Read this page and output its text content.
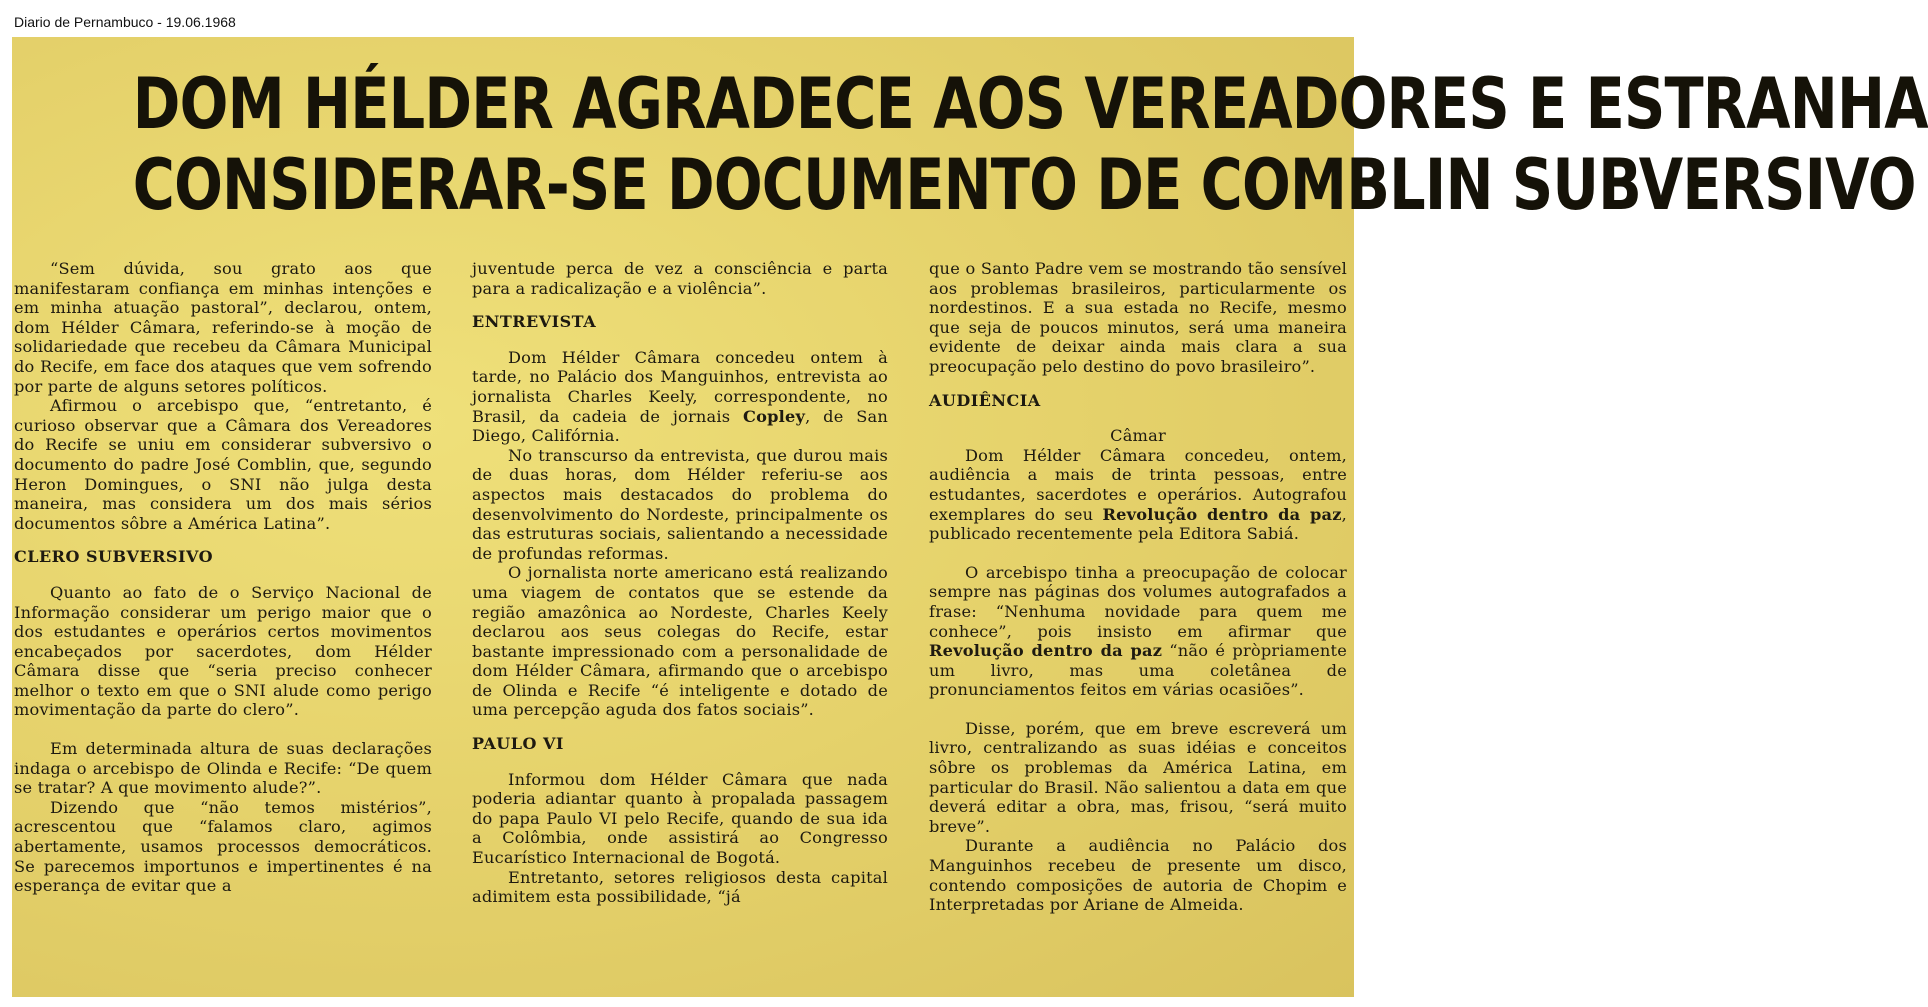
Diario de Pernambuco - 19.06.1968
DOM HÉLDER AGRADECE AOS VEREADORES E ESTRANHA
CONSIDERAR-SE DOCUMENTO DE COMBLIN SUBVERSIVO

“Sem dúvida, sou grato aos que manifestaram confiança em minhas intenções e em minha atuação pastoral”, declarou, ontem, dom Hélder Câmara, referindo-se à moção de solidariedade que recebeu da Câmara Municipal do Recife, em face dos ataques que vem sofrendo por parte de alguns setores políticos.

Afirmou o arcebispo que, “entretanto, é curioso observar que a Câmara dos Vereadores do Recife se uniu em considerar subversivo o documento do padre José Comblin, que, segundo Heron Domingues, o SNI não julga desta maneira, mas considera um dos mais sérios documentos sôbre a América Latina”.

CLERO SUBVERSIVO

Quanto ao fato de o Serviço Nacional de Informação considerar um perigo maior que o dos estudantes e operários certos movimentos encabeçados por sacerdotes, dom Hélder Câmara disse que “seria preciso conhecer melhor o texto em que o SNI alude como perigo movimentação da parte do clero”.

Em determinada altura de suas declarações indaga o arcebispo de Olinda e Recife: “De quem se tratar? A que movimento alude?”.

Dizendo que “não temos mistérios”, acrescentou que “falamos claro, agimos abertamente, usamos processos democráticos. Se parecemos importunos e impertinentes é na esperança de evitar que a

juventude perca de vez a consciência e parta para a radicalização e a violência”.

ENTREVISTA

Dom Hélder Câmara concedeu ontem à tarde, no Palácio dos Manguinhos, entrevista ao jornalista Charles Keely, correspondente, no Brasil, da cadeia de jornais Copley, de San Diego, Califórnia.

No transcurso da entrevista, que durou mais de duas horas, dom Hélder referiu-se aos aspectos mais destacados do problema do desenvolvimento do Nordeste, principalmente os das estruturas sociais, salientando a necessidade de profundas reformas.

O jornalista norte americano está realizando uma viagem de contatos que se estende da região amazônica ao Nordeste, Charles Keely declarou aos seus colegas do Recife, estar bastante impressionado com a personalidade de dom Hélder Câmara, afirmando que o arcebispo de Olinda e Recife “é inteligente e dotado de uma percepção aguda dos fatos sociais”.

PAULO VI

Informou dom Hélder Câmara que nada poderia adiantar quanto à propalada passagem do papa Paulo VI pelo Recife, quando de sua ida a Colômbia, onde assistirá ao Congresso Eucarístico Internacional de Bogotá.

Entretanto, setores religiosos desta capital adimitem esta possibilidade, “já

que o Santo Padre vem se mostrando tão sensível aos problemas brasileiros, particularmente os nordestinos. E a sua estada no Recife, mesmo que seja de poucos minutos, será uma maneira evidente de deixar ainda mais clara a sua preocupação pelo destino do povo brasileiro”.

AUDIÊNCIA

Câmar

Dom Hélder Câmara concedeu, ontem, audiência a mais de trinta pessoas, entre estudantes, sacerdotes e operários. Autografou exemplares do seu Revolução dentro da paz, publicado recentemente pela Editora Sabiá.

O arcebispo tinha a preocupação de colocar sempre nas páginas dos volumes autografados a frase: “Nenhuma novidade para quem me conhece”, pois insisto em afirmar que Revolução dentro da paz “não é pròpriamente um livro, mas uma coletânea de pronunciamentos feitos em várias ocasiões”.

Disse, porém, que em breve escreverá um livro, centralizando as suas idéias e conceitos sôbre os problemas da América Latina, em particular do Brasil. Não salientou a data em que deverá editar a obra, mas, frisou, “será muito breve”.

Durante a audiência no Palácio dos Manguinhos recebeu de presente um disco, contendo composições de autoria de Chopim e Interpretadas por Ariane de Almeida.
